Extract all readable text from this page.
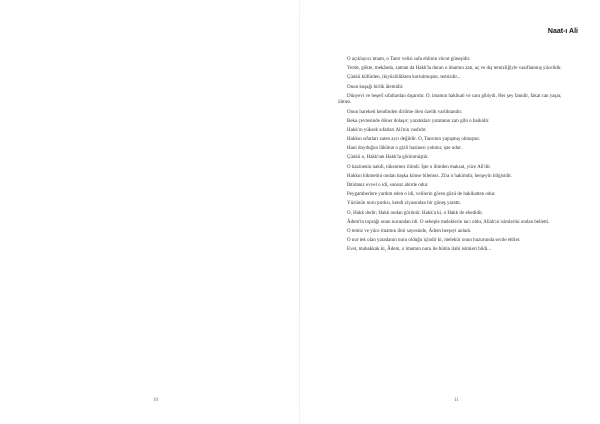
10
Naat-ı Ali

O açıklayıcı imam, o Tanrı velisi safa ehlinin vücut güneşidir.

Yerde, gökte, mekânda, zaman da Hakk'la duran o imamın zatı, aç ve dış temizliğiyle vasıflanmış yücelidir.

Çünkü küfürden, ikiyüzlülükten kurtulmuştur, temizdir...

Onun kuşağı birlik âlemidir.

Dünyevi ve beşerî sıfatlardan dışarıdır. O, imamın hakikati ve canı gibiydi. Her şey fanidir, fakat can yaşar, ölmez.

Onun hareketi kendinden dirilme ölen özelik varlıktandır.

Beka çevresinde döner dolaşır; yaratıkları yaratanın zatı gibi o baikidir.

Hakk'ın yüksek sıfatları Ali'nin vasfıdır.

Hakkın sıfatları zaten ayrı değildir. O, Tanrının yapışmış olmuştur.

Hani duyduğun lâhûtun o gizli hazinesi yokmu; işte odur.

Çünkü o, Hakk'tan Hakk'la görünmüştür.

O hazinenin nakdi, tükenmez ilimdi. İşte o ilimden maksat, yüce Ali'dir.

Hakkın hikmetini ondan başka kimse bilemez. Zira o hakimdir, herşeyin bilgisidir.

İbtidanız evvel o idi, sonsuz ahirde odur.

Peygamberlere yardım eden o idi, velilerin gören gözü de hakikatten odur.

Yüzünün nuru pırdısı, kendi ziyasından bir güneş yarattı.

O, Hakk ıledir; Hakk ondan görünür. Hakk'a ki, o Hakk ile ebedidir.

Âdem'in toprağı onun nurundan idi. O sebeple meleklerin tacı oldu; Allah'ın isimlerini ondan belletti.

O temiz ve yüce imamın ilmi sayesinde, Âdem herşeyi anladı.

O nur tek olan yaradanın nuru olduğu içindir ki, melekür onun huzurunda secde ettiler.

Evet, muhakkak ki, Âdem, o imamın nuru ile bütün ilahi isimleri bildi...

11
